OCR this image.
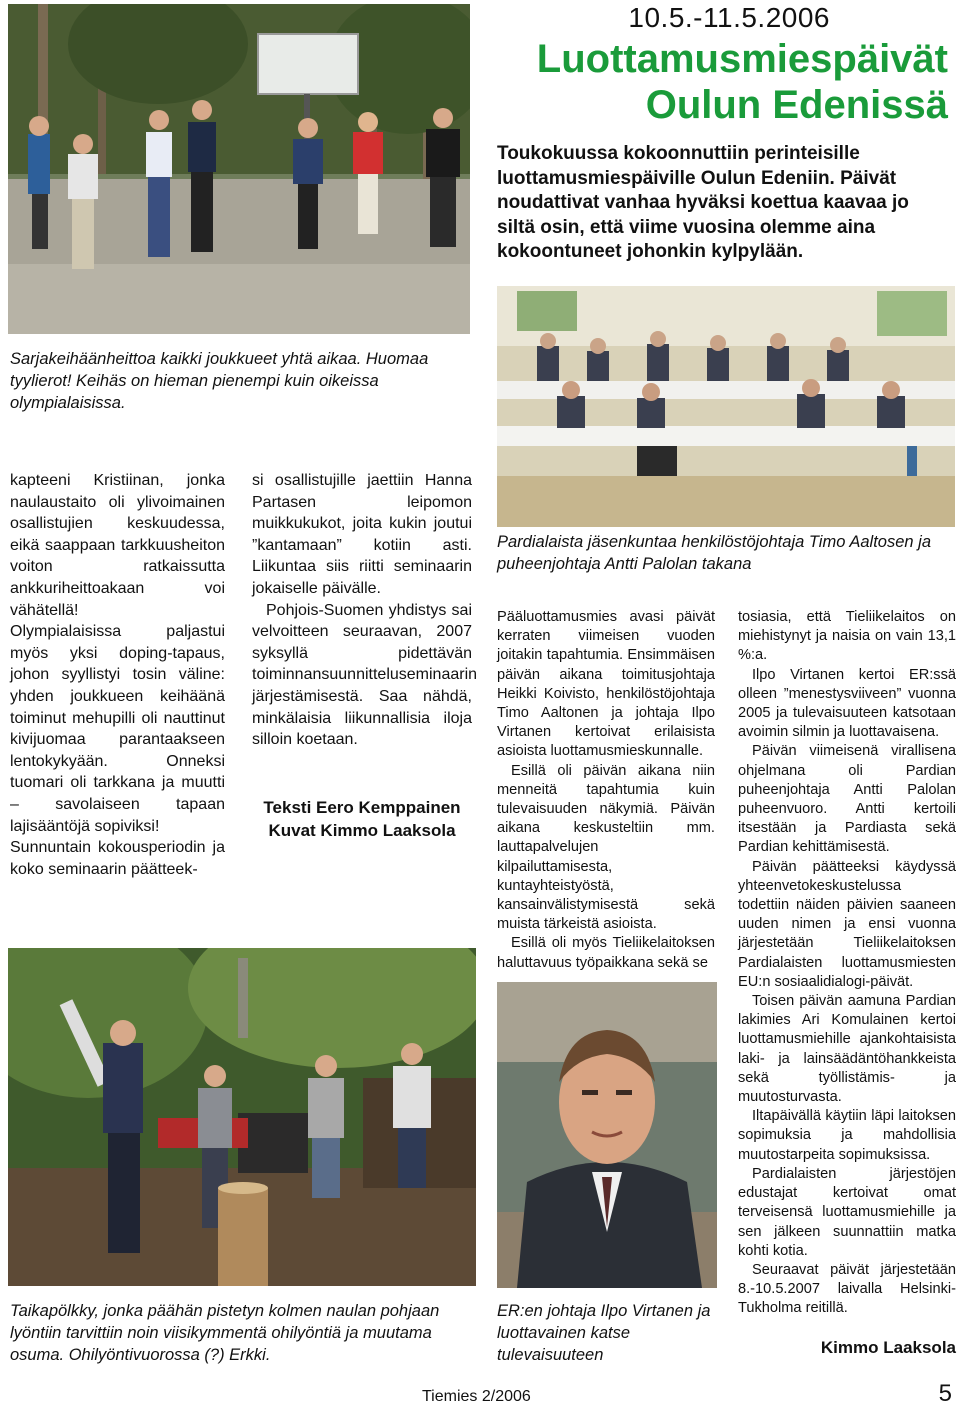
10.5.-11.5.2006
Luottamusmiespäivät
Oulun Edenissä
Toukokuussa kokoonnuttiin perinteisille luottamusmiespäiville Oulun Edeniin. Päivät noudattivat vanhaa hyväksi koettua kaavaa jo siltä osin, että viime vuosina olemme aina kokoontuneet johonkin kylpylään.
Sarjakeihäänheittoa kaikki joukkueet yhtä aikaa. Huomaa tyylierot! Keihäs on hieman pienempi kuin oikeissa olympialaisissa.
Pardialaista jäsenkuntaa henkilöstöjohtaja Timo Aaltosen ja puheenjohtaja Antti Palolan takana

kapteeni Kristiinan, jonka naulaustaito oli ylivoimainen osallistujien keskuudessa, eikä saappaan tarkkuusheiton voiton ratkaissutta ankkuriheittoakaan voi vähätellä!

Olympialaisissa paljastui myös yksi doping-tapaus, johon syyllistyi tosin väline: yhden joukkueen keihäänä toiminut mehupilli oli nauttinut kivijuomaa parantaakseen lentokykyään. Onneksi tuomari oli tarkkana ja muutti – savolaiseen tapaan lajisääntöjä sopiviksi!

Sunnuntain kokousperiodin ja koko seminaarin päätteek-

si osallistujille jaettiin Hanna Partasen leipomon muikkukukot, joita kukin joutui ”kantamaan” kotiin asti. Liikuntaa siis riitti seminaarin jokaiselle päivälle.

Pohjois-Suomen yhdistys sai velvoitteen seuraavan, 2007 syksyllä pidettävän toiminnansuunnitteluseminaarin järjestämisestä. Saa nähdä, minkälaisia liikunnallisia iloja silloin koetaan.

Teksti Eero Kemppainen
Kuvat Kimmo Laaksola
Taikapölkky, jonka päähän pistetyn kolmen naulan pohjaan lyöntiin tarvittiin noin viisikymmentä ohilyöntiä ja muutama osuma. Ohilyöntivuorossa (?) Erkki.

Pääluottamusmies avasi päivät kerraten viimeisen vuoden joitakin tapahtumia. Ensimmäisen päivän aikana toimitusjohtaja Heikki Koivisto, henkilöstöjohtaja Timo Aaltonen ja johtaja Ilpo Virtanen kertoivat erilaisista asioista luottamusmieskunnalle.

Esillä oli päivän aikana niin menneitä tapahtumia kuin tulevaisuuden näkymiä. Päivän aikana keskusteltiin mm. lauttapalvelujen kilpailuttamisesta, kuntayhteistyöstä, kansainvälistymisestä sekä muista tärkeistä asioista.

Esillä oli myös Tieliikelaitoksen haluttavuus työpaikkana sekä se

ER:en johtaja Ilpo Virtanen ja luottavainen katse tulevaisuuteen

tosiasia, että Tieliikelaitos on miehistynyt ja naisia on vain 13,1 %:a.

Ilpo Virtanen kertoi ER:ssä olleen ”menestysviiveen” vuonna 2005 ja tulevaisuuteen katsotaan avoimin silmin ja luottavaisena.

Päivän viimeisenä virallisena ohjelmana oli Pardian puheenjohtaja Antti Palolan puheenvuoro. Antti kertoili itsestään ja Pardiasta sekä Pardian kehittämisestä.

Päivän päätteeksi käydyssä yhteenvetokeskustelussa todettiin näiden päivien saaneen uuden nimen ja ensi vuonna järjestetään Tieliikelaitoksen Pardialaisten luottamusmiesten EU:n sosiaalidialogi-päivät.

Toisen päivän aamuna Pardian lakimies Ari Komulainen kertoi luottamusmiehille ajankohtaisista laki- ja lainsäädäntöhankkeista sekä työllistämis- ja muutosturvasta.

Iltapäivällä käytiin läpi laitoksen sopimuksia ja mahdollisia muutostarpeita sopimuksissa.

Pardialaisten järjestöjen edustajat kertoivat omat terveisensä luottamusmiehille ja sen jälkeen suunnattiin matka kohti kotia.

Seuraavat päivät järjestetään 8.-10.5.2007 laivalla Helsinki-Tukholma reitillä.

Kimmo Laaksola
Tiemies 2/2006	5
